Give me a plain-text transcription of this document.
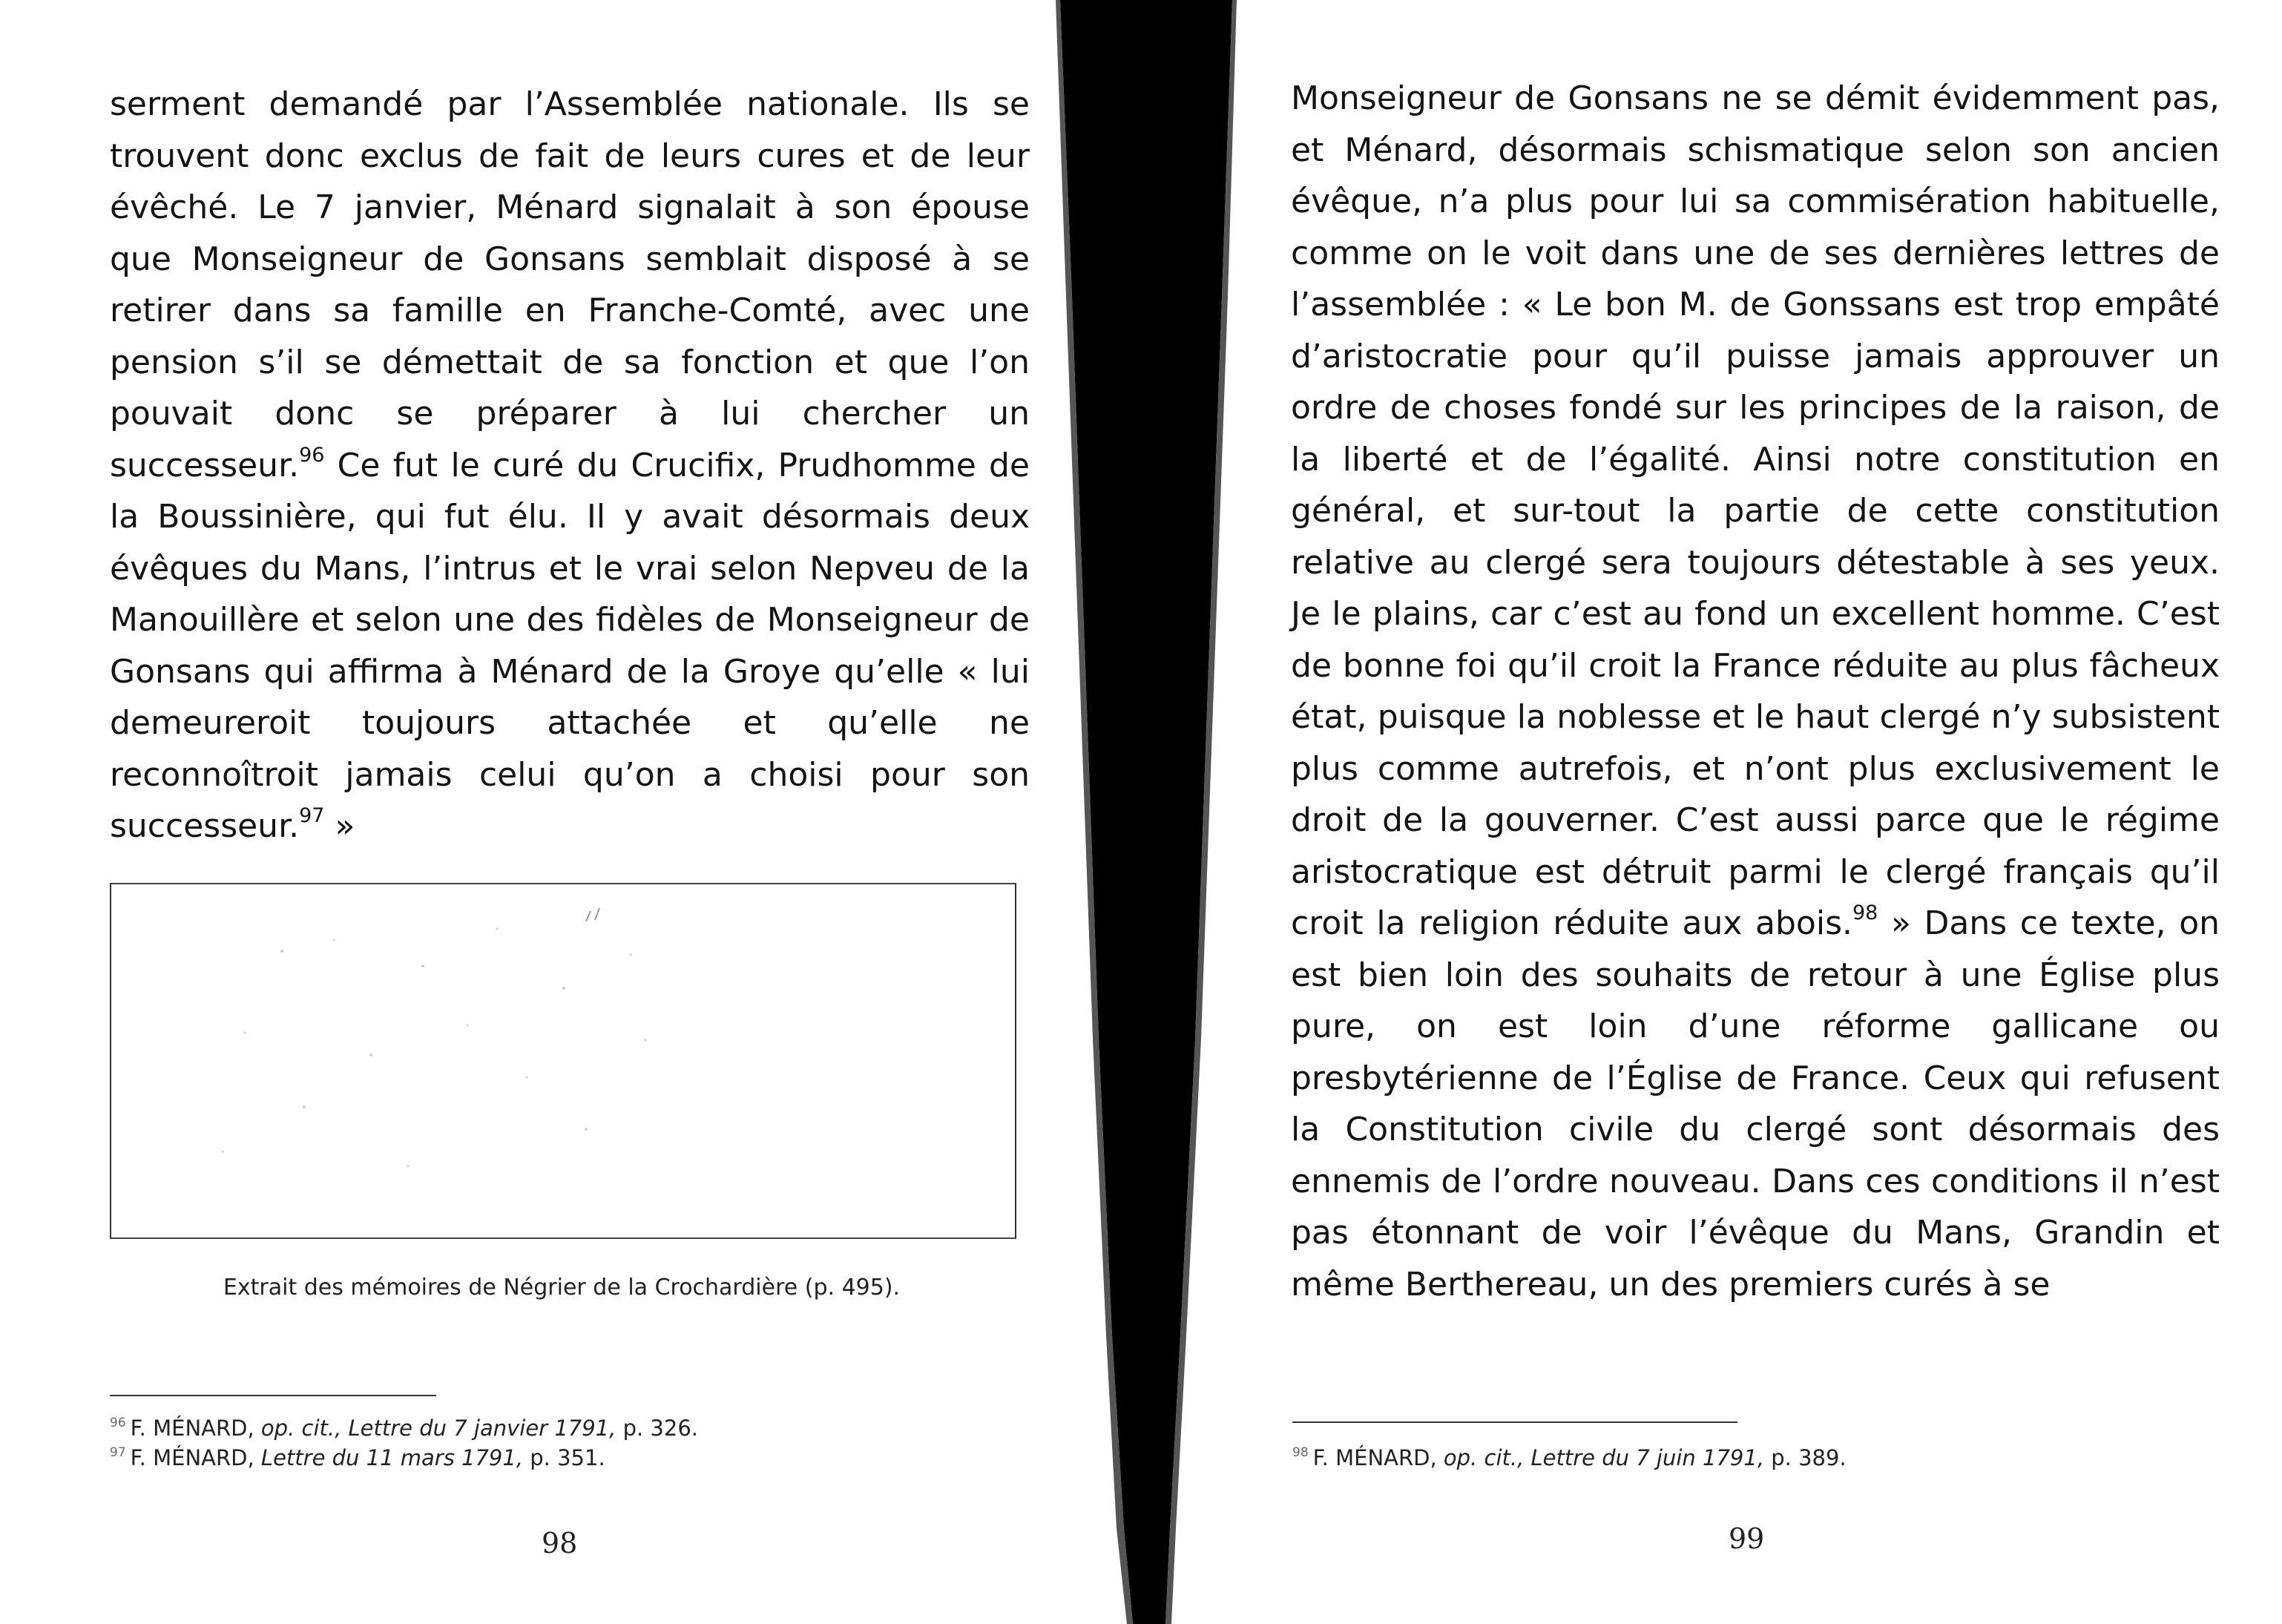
serment demandé par l’Assemblée nationale. Ils se trouvent donc exclus de fait de leurs cures et de leur évêché. Le 7 janvier, Ménard signalait à son épouse que Monseigneur de Gonsans semblait disposé à se retirer dans sa famille en Franche-Comté, avec une pension s’il se démettait de sa fonction et que l’on pouvait donc se préparer à lui chercher un successeur.$^{96}$ Ce fut le curé du Crucifix, Prudhomme de la Boussinière, qui fut élu. Il y avait désormais deux évêques du Mans, l’intrus et le vrai selon Nepveu de la Manouillère et selon une des fidèles de Monseigneur de Gonsans qui affirma à Ménard de la Groye qu’elle « lui demeureroit toujours attachée et qu’elle ne reconnoîtroit jamais celui qu’on a choisi pour son successeur.$^{97}$ »

Extrait des mémoires de Négrier de la Crochardière (p. 495).
$^{96}$ F. MÉNARD, op. cit., Lettre du 7 janvier 1791, p. 326.
$^{97}$ F. MÉNARD, Lettre du 11 mars 1791, p. 351.
98

Monseigneur de Gonsans ne se démit évidemment pas, et Ménard, désormais schismatique selon son ancien évêque, n’a plus pour lui sa commisération habituelle, comme on le voit dans une de ses dernières lettres de l’assemblée : « Le bon M. de Gonssans est trop empâté d’aristocratie pour qu’il puisse jamais approuver un ordre de choses fondé sur les principes de la raison, de la liberté et de l’égalité. Ainsi notre constitution en général, et sur-tout la partie de cette constitution relative au clergé sera toujours détestable à ses yeux. Je le plains, car c’est au fond un excellent homme. C’est de bonne foi qu’il croit la France réduite au plus fâcheux état, puisque la noblesse et le haut clergé n’y subsistent plus comme autrefois, et n’ont plus exclusivement le droit de la gouverner. C’est aussi parce que le régime aristocratique est détruit parmi le clergé français qu’il croit la religion réduite aux abois.$^{98}$ » Dans ce texte, on est bien loin des souhaits de retour à une Église plus pure, on est loin d’une réforme gallicane ou presbytérienne de l’Église de France. Ceux qui refusent la Constitution civile du clergé sont désormais des ennemis de l’ordre nouveau. Dans ces conditions il n’est pas étonnant de voir l’évêque du Mans, Grandin et même Berthereau, un des premiers curés à se

$^{98}$ F. MÉNARD, op. cit., Lettre du 7 juin 1791, p. 389.
99
